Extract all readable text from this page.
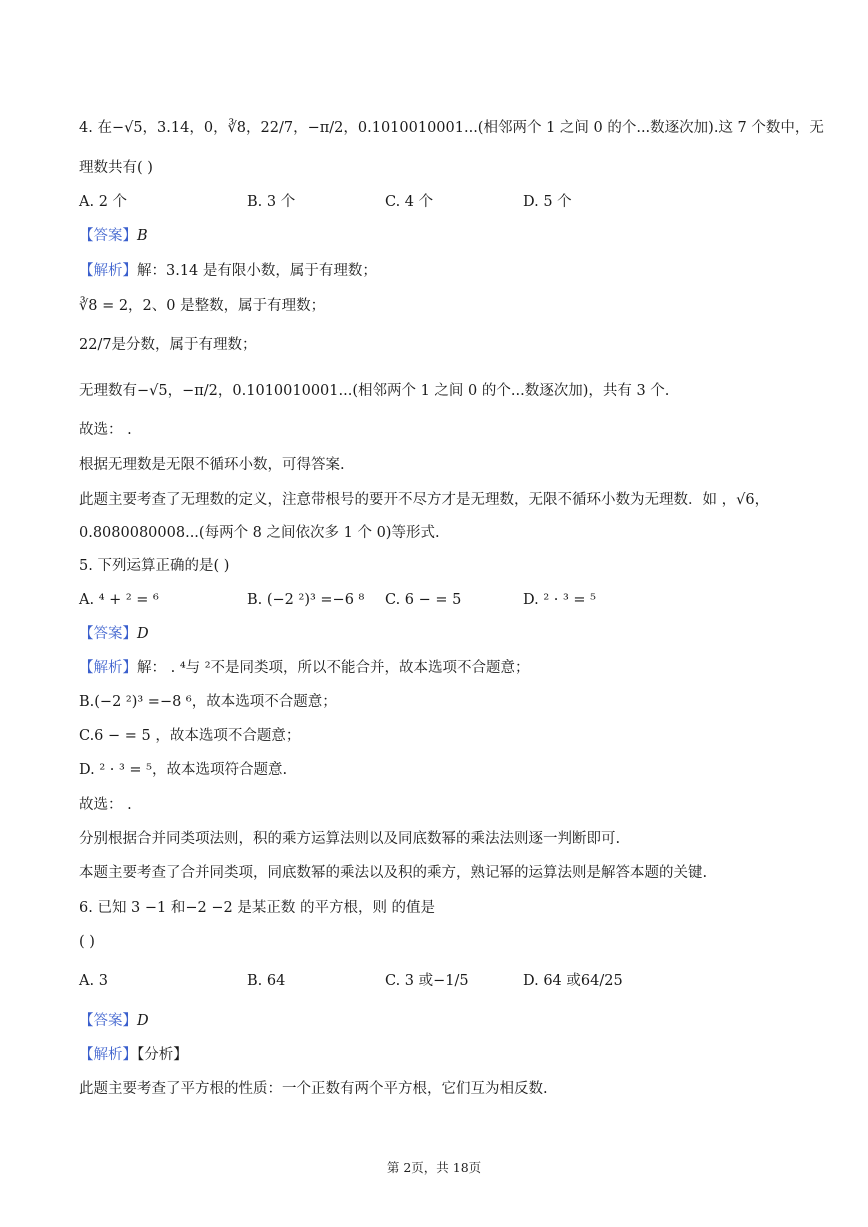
4. 在−√5，3.14，0，∛8，22/7，−π/2，0.1010010001...(相邻两个 1 之间 0 的个...数逐次加).这 7 个数中，无
理数共有( )
A. 2 个	B. 3 个	C. 4 个	D. 5 个
【答案】B
【解析】解：3.14 是有限小数，属于有理数；
∛8 = 2，2、0 是整数，属于有理数；
22/7是分数，属于有理数；
无理数有−√5，−π/2，0.1010010001...(相邻两个 1 之间 0 的个...数逐次加)，共有 3 个.
故选： .
根据无理数是无限不循环小数，可得答案.
此题主要考查了无理数的定义，注意带根号的要开不尽方才是无理数，无限不循环小数为无理数．如 ，√6，
0.8080080008...(每两个 8 之间依次多 1 个 0)等形式.
5. 下列运算正确的是( )
A. ⁴ + ² = ⁶	B. (−2 ²)³ =−6 ⁸ C. 6 − = 5	D. ² · ³ = ⁵
【答案】D
【解析】解： . ⁴与 ²不是同类项，所以不能合并，故本选项不合题意；
B.(−2 ²)³ =−8 ⁶，故本选项不合题意；
C.6 − = 5 ，故本选项不合题意；
D. ² · ³ = ⁵，故本选项符合题意.
故选： .
分别根据合并同类项法则，积的乘方运算法则以及同底数幂的乘法法则逐一判断即可.
本题主要考查了合并同类项，同底数幂的乘法以及积的乘方，熟记幂的运算法则是解答本题的关键.
6. 已知 3 −1 和−2 −2 是某正数 的平方根，则 的值是
( )
A. 3	B. 64	C. 3 或−1/5	D. 64 或64/25
【答案】D
【解析】【分析】
此题主要考查了平方根的性质：一个正数有两个平方根，它们互为相反数.
第 2页，共 18页
